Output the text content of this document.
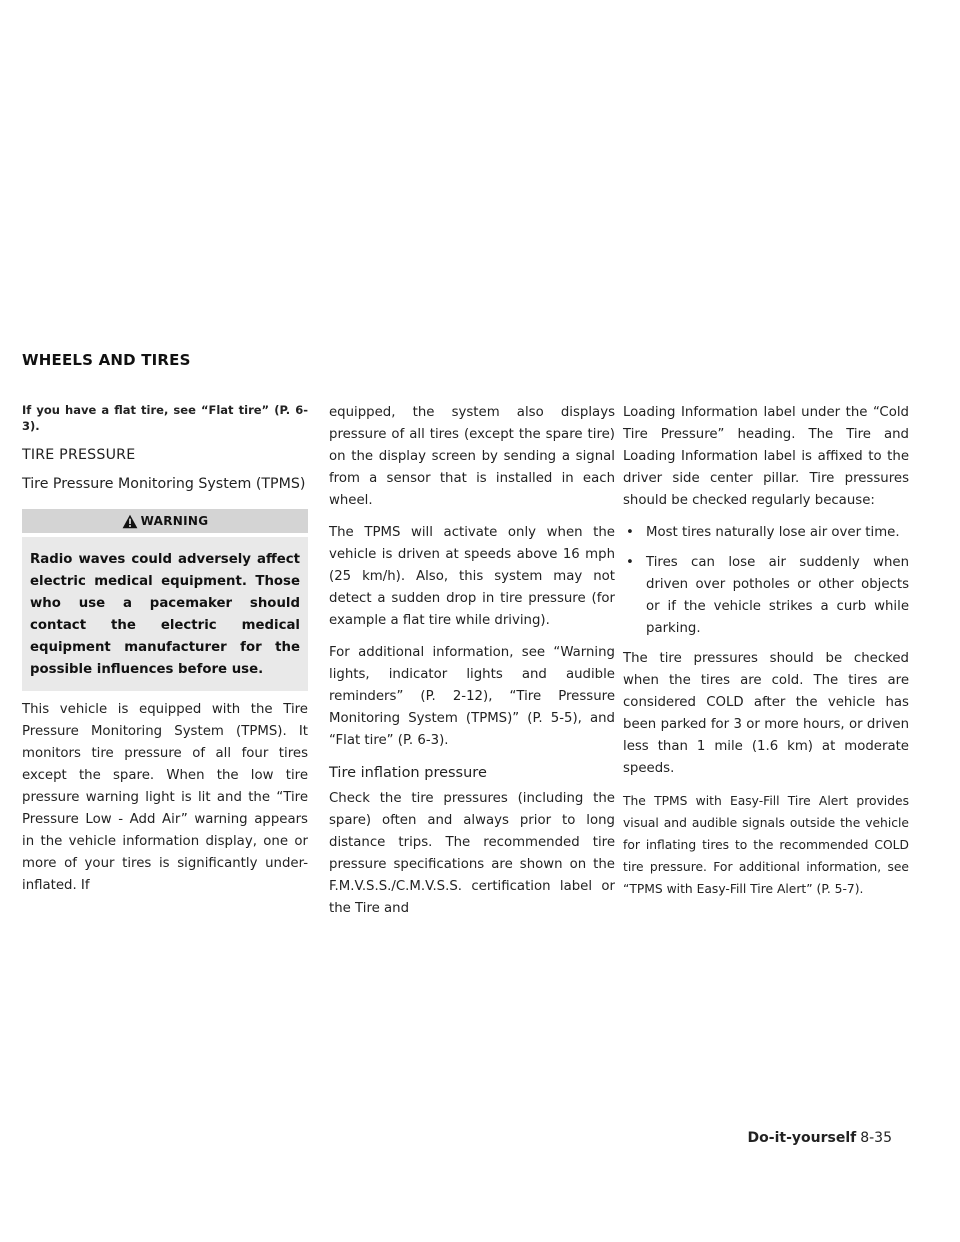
WHEELS AND TIRES

If you have a flat tire, see “Flat tire” (P. 6-3).

TIRE PRESSURE
Tire Pressure Monitoring System (TPMS)
WARNING
Radio waves could adversely affect electric medical equipment. Those who use a pacemaker should contact the electric medical equipment manufacturer for the possible influences before use.

This vehicle is equipped with the Tire Pressure Monitoring System (TPMS). It monitors tire pressure of all four tires except the spare. When the low tire pressure warning light is lit and the “Tire Pressure Low - Add Air” warning appears in the vehicle information display, one or more of your tires is significantly under-inflated. If

equipped, the system also displays pressure of all tires (except the spare tire) on the display screen by sending a signal from a sensor that is installed in each wheel.

The TPMS will activate only when the vehicle is driven at speeds above 16 mph (25 km/h). Also, this system may not detect a sudden drop in tire pressure (for example a flat tire while driving).

For additional information, see “Warning lights, indicator lights and audible reminders” (P. 2-12), “Tire Pressure Monitoring System (TPMS)” (P. 5-5), and “Flat tire” (P. 6-3).

Tire inflation pressure

Check the tire pressures (including the spare) often and always prior to long distance trips. The recommended tire pressure specifications are shown on the F.M.V.S.S./C.M.V.S.S. certification label or the Tire and

Loading Information label under the “Cold Tire Pressure” heading. The Tire and Loading Information label is affixed to the driver side center pillar. Tire pressures should be checked regularly because:

• Most tires naturally lose air over time.
• Tires can lose air suddenly when driven over potholes or other objects or if the vehicle strikes a curb while parking.

The tire pressures should be checked when the tires are cold. The tires are considered COLD after the vehicle has been parked for 3 or more hours, or driven less than 1 mile (1.6 km) at moderate speeds.

The TPMS with Easy-Fill Tire Alert provides visual and audible signals outside the vehicle for inflating tires to the recommended COLD tire pressure. For additional information, see “TPMS with Easy-Fill Tire Alert” (P. 5-7).

Do-it-yourself 8-35
